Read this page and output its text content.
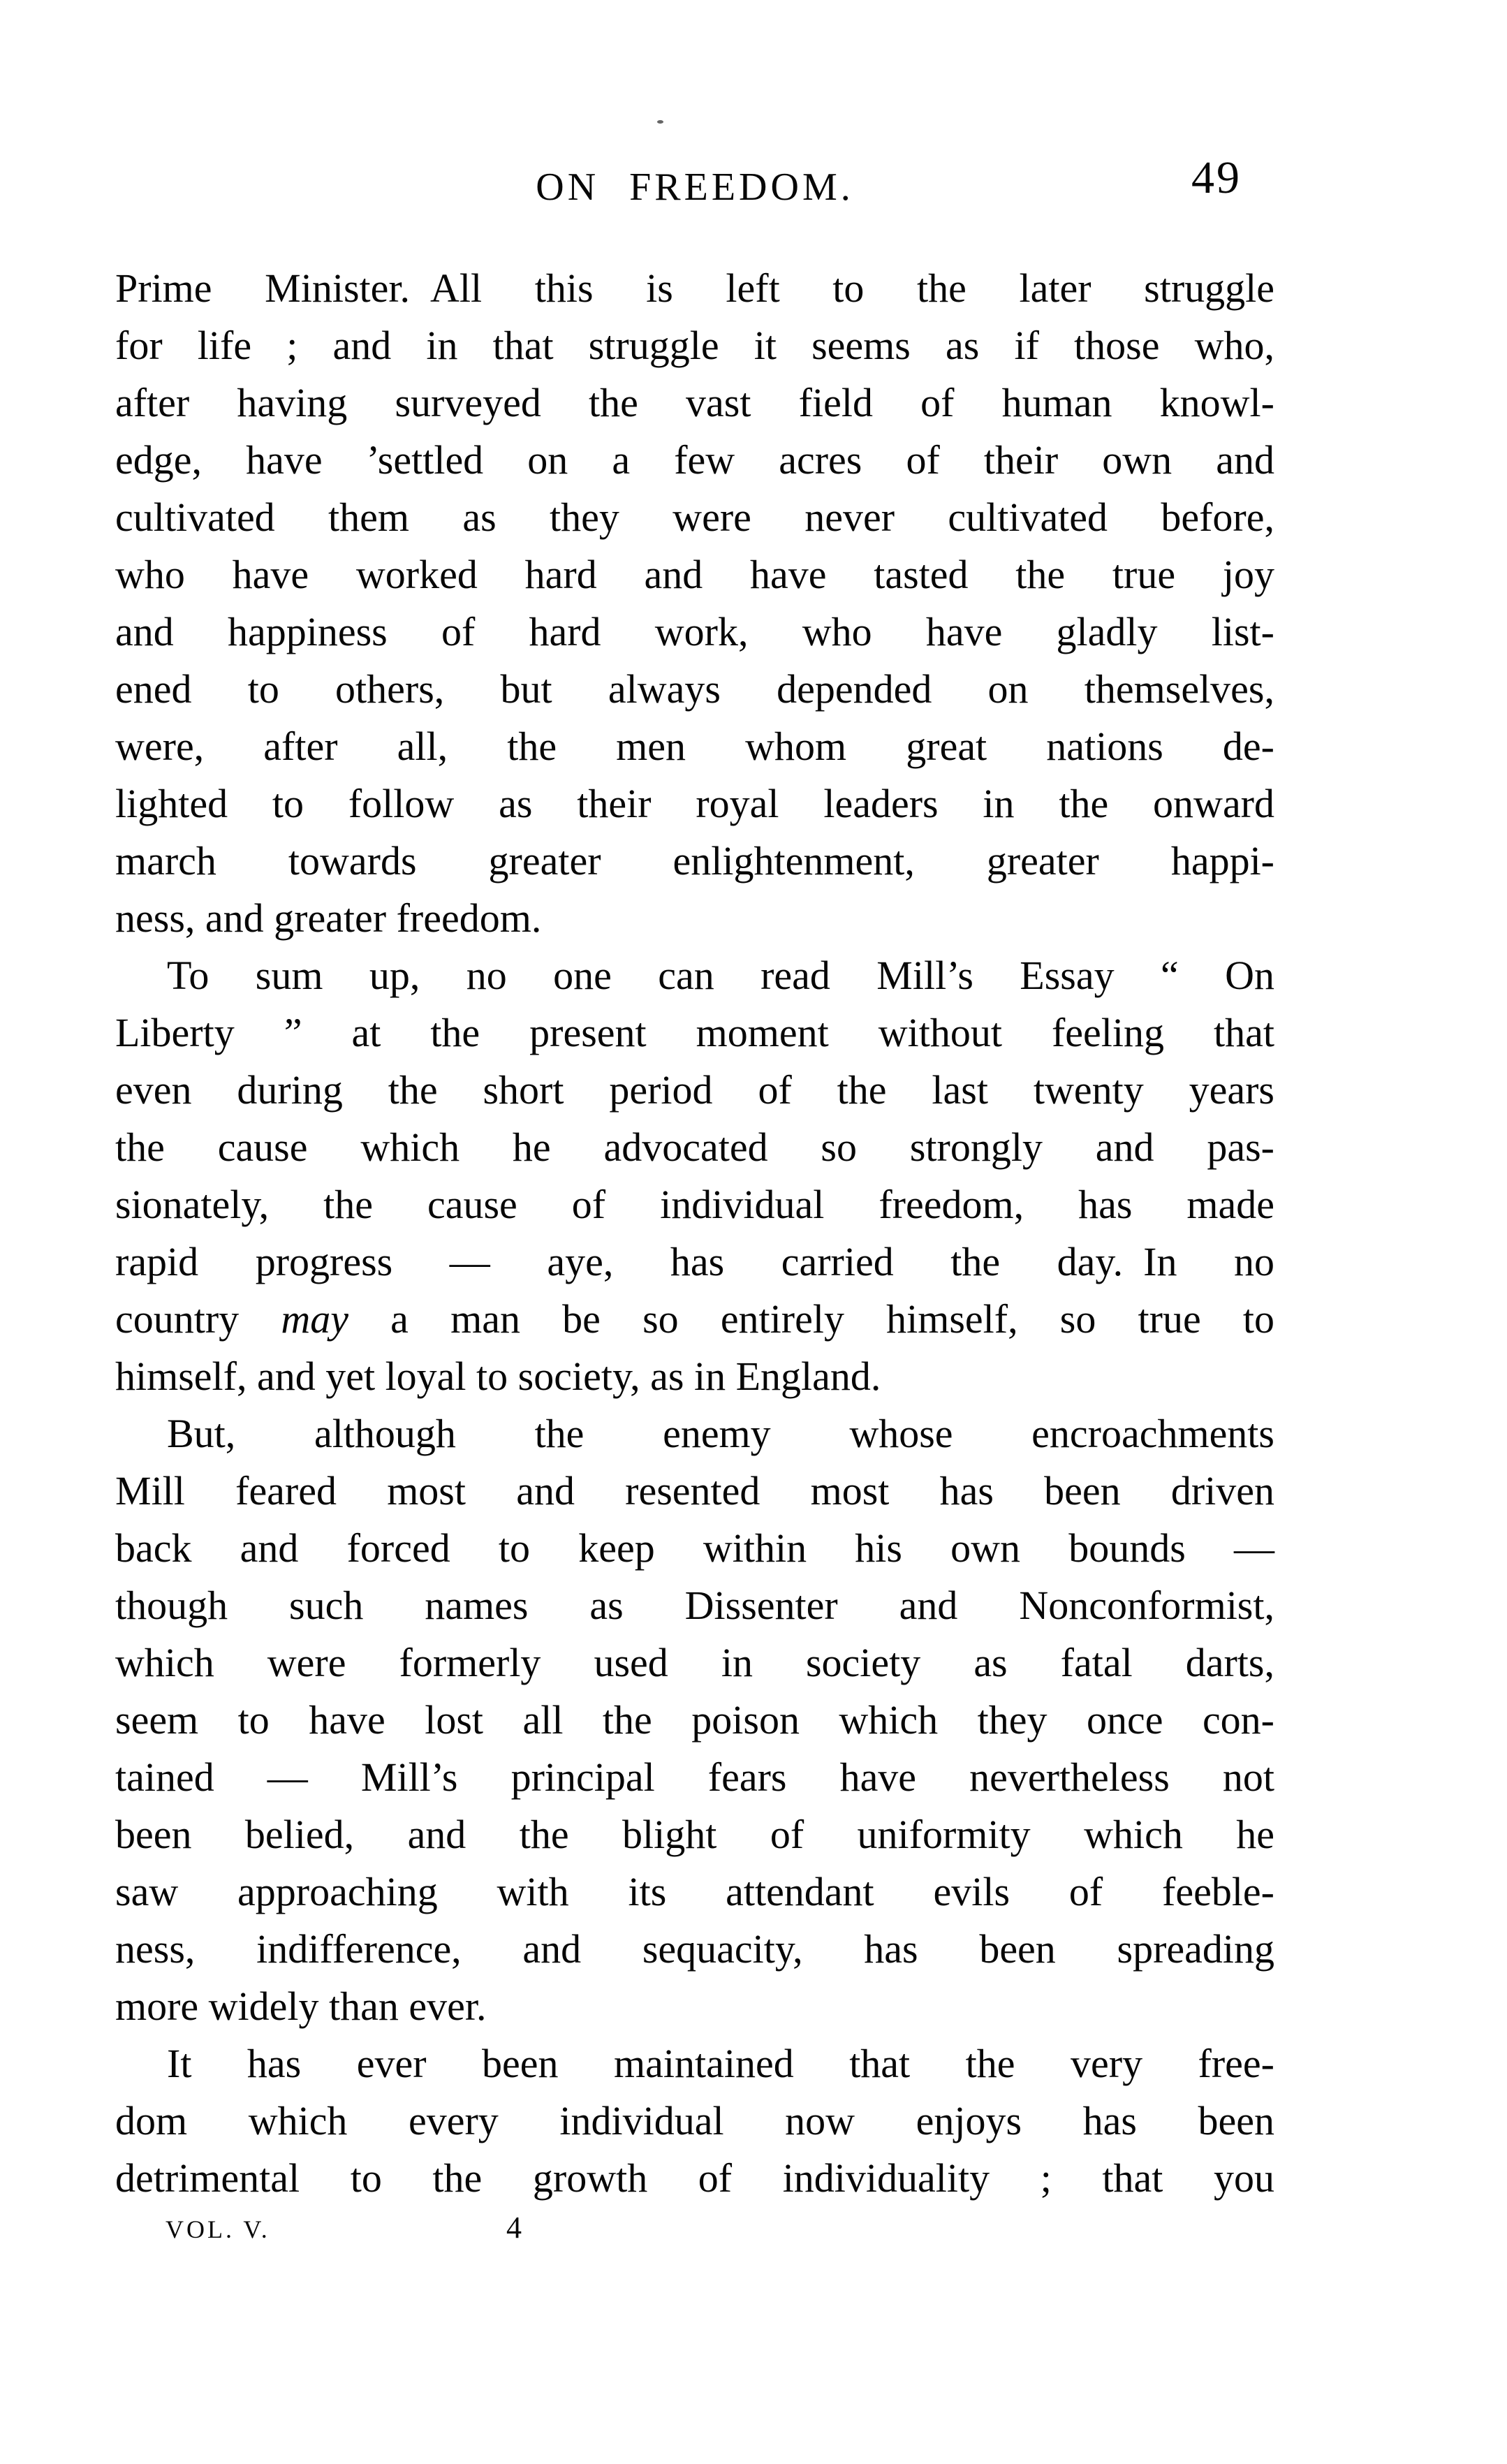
ON FREEDOM.	49
Prime Minister. All this is left to the later struggle
for life ; and in that struggle it seems as if those who,
after having surveyed the vast field of human knowl-
edge, have ’settled on a few acres of their own and
cultivated them as they were never cultivated before,
who have worked hard and have tasted the true joy
and happiness of hard work, who have gladly list-
ened to others, but always depended on themselves,
were, after all, the men whom great nations de-
lighted to follow as their royal leaders in the onward
march towards greater enlightenment, greater happi-
ness, and greater freedom.
To sum up, no one can read Mill’s Essay “ On
Liberty ” at the present moment without feeling that
even during the short period of the last twenty years
the cause which he advocated so strongly and pas-
sionately, the cause of individual freedom, has made
rapid progress — aye, has carried the day. In no
country may a man be so entirely himself, so true to
himself, and yet loyal to society, as in England.
But, although the enemy whose encroachments
Mill feared most and resented most has been driven
back and forced to keep within his own bounds —
though such names as Dissenter and Nonconformist,
which were formerly used in society as fatal darts,
seem to have lost all the poison which they once con-
tained — Mill’s principal fears have nevertheless not
been belied, and the blight of uniformity which he
saw approaching with its attendant evils of feeble-
ness, indifference, and sequacity, has been spreading
more widely than ever.
It has ever been maintained that the very free-
dom which every individual now enjoys has been
detrimental to the growth of individuality ; that you
VOL. V.	4
